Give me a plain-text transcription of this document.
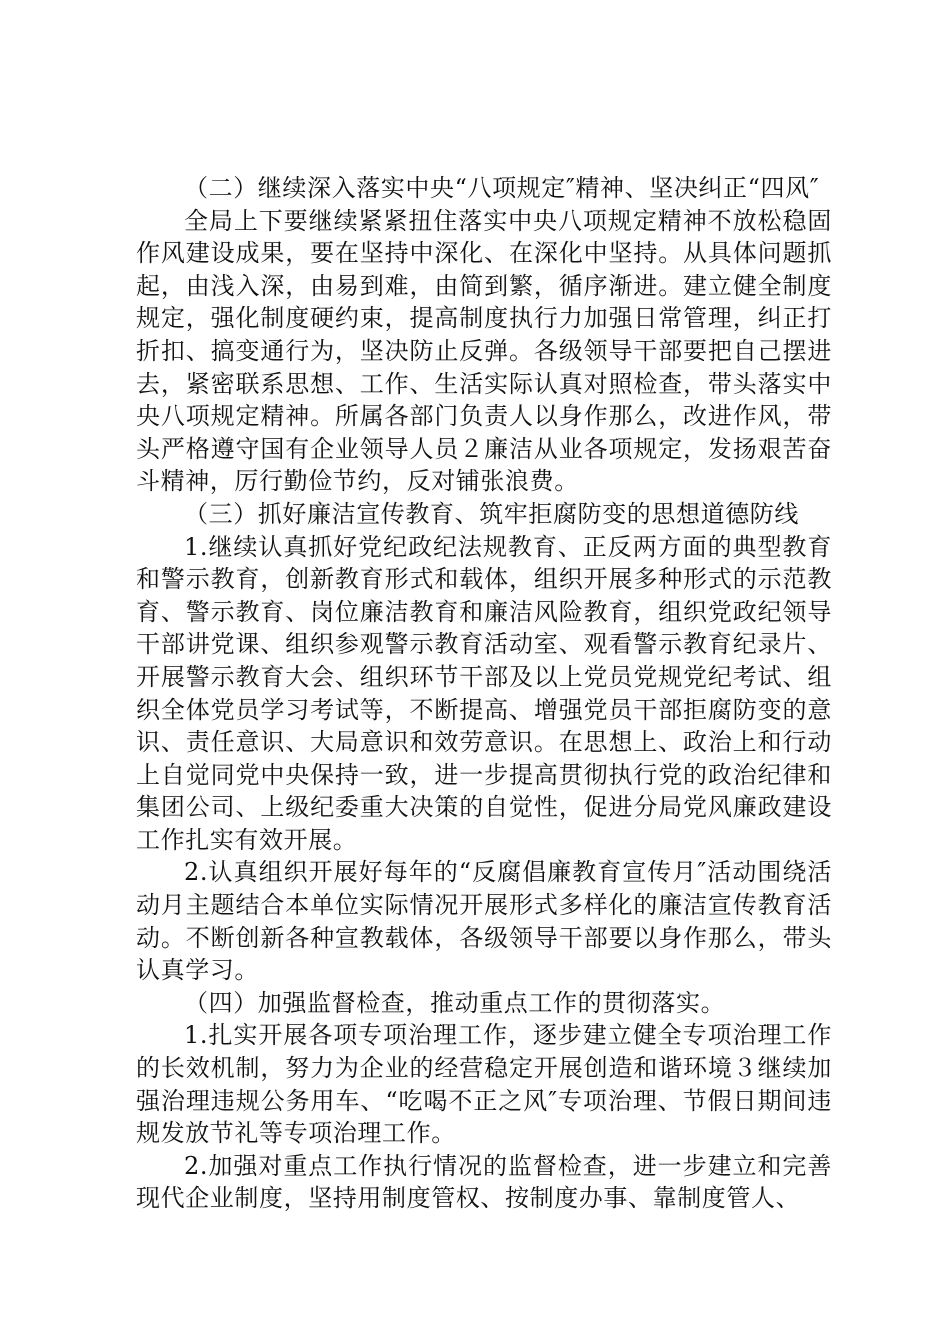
（二）继续深入落实中央“八项规定″精神、坚决纠正“四风″

全局上下要继续紧紧扭住落实中央八项规定精神不放松稳固作风建设成果，要在坚持中深化、在深化中坚持。从具体问题抓起，由浅入深，由易到难，由简到繁，循序渐进。建立健全制度规定，强化制度硬约束，提高制度执行力加强日常管理，纠正打折扣、搞变通行为，坚决防止反弹。各级领导干部要把自己摆进去，紧密联系思想、工作、生活实际认真对照检查，带头落实中央八项规定精神。所属各部门负责人以身作那么，改进作风，带头严格遵守国有企业领导人员２廉洁从业各项规定，发扬艰苦奋斗精神，厉行勤俭节约，反对铺张浪费。

（三）抓好廉洁宣传教育、筑牢拒腐防变的思想道德防线

1.继续认真抓好党纪政纪法规教育、正反两方面的典型教育和警示教育，创新教育形式和载体，组织开展多种形式的示范教育、警示教育、岗位廉洁教育和廉洁风险教育，组织党政纪领导干部讲党课、组织参观警示教育活动室、观看警示教育纪录片、开展警示教育大会、组织环节干部及以上党员党规党纪考试、组织全体党员学习考试等，不断提高、增强党员干部拒腐防变的意识、责任意识、大局意识和效劳意识。在思想上、政治上和行动上自觉同党中央保持一致，进一步提高贯彻执行党的政治纪律和集团公司、上级纪委重大决策的自觉性，促进分局党风廉政建设工作扎实有效开展。

2.认真组织开展好每年的“反腐倡廉教育宣传月″活动围绕活动月主题结合本单位实际情况开展形式多样化的廉洁宣传教育活动。不断创新各种宣教载体，各级领导干部要以身作那么，带头认真学习。

（四）加强监督检查，推动重点工作的贯彻落实。

1.扎实开展各项专项治理工作，逐步建立健全专项治理工作的长效机制，努力为企业的经营稳定开展创造和谐环境３继续加强治理违规公务用车、“吃喝不正之风″专项治理、节假日期间违规发放节礼等专项治理工作。

2.加强对重点工作执行情况的监督检查，进一步建立和完善现代企业制度，坚持用制度管权、按制度办事、靠制度管人、
